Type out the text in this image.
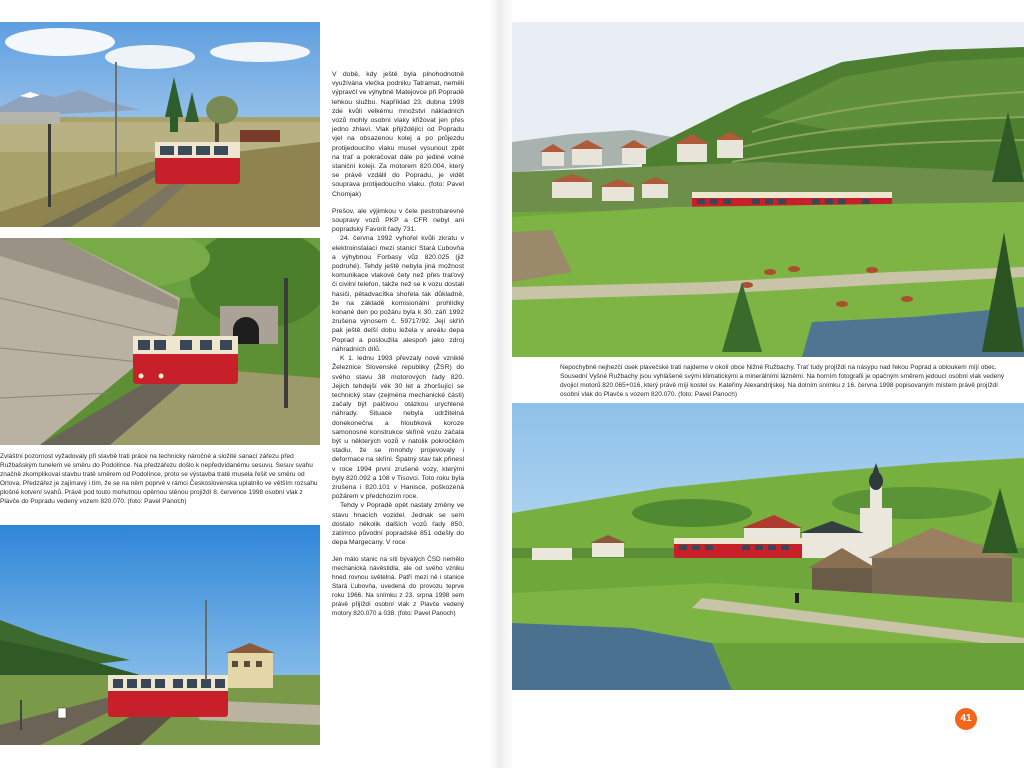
Zvláštní pozornost vyžadovaly při stavbě trati práce na technicky náročné a složité sanací zářezu před Ružbašským tunelem ve směru do Podolínce. Na předzářezu došlo k nepředvídanému sesuvu. Sesuv svahu značně zkomplikoval stavbu tratě směrem od Podolínce, proto se výstavba tratě musela řešit ve směru od Orlova. Předzářez je zajímavý i tím, že se na něm poprvé v rámci Československa uplatnilo ve větším rozsahu plošné kotvení svahů. Právě pod touto mohutnou opěrnou stěnou projíždí 8. července 1998 osobní vlak z Plavče do Popradu vedený vozem 820.070. (foto: Pavel Panoch)

V době, kdy ještě byla plnohodnotně využívána vlečka podniku Tatramat, neměli výpravčí ve výhybně Matejovce při Popradě lehkou službu. Například 23. dubna 1998 zde kvůli velkému množství nákladních vozů mohly osobní vlaky křižovat jen přes jedno zhlaví. Vlak přijíždějící od Popradu vjel na obsazenou kolej a po průjezdu protijedoucího vlaku musel vysunout zpět na trať a pokračovat dále po jediné volné staniční koleji. Za motorem 820.004, který se právě vzdálil do Popradu, je vidět souprava protijedoucího vlaku. (foto: Pavel Chomjak)

Prešov, ale výjimkou v čele pestrobarevné soupravy vozů PKP a CFR nebyl ani popradský Favorit řady 731.

24. června 1992 vyhořel kvůli zkratu v elektroinstalaci mezi stanicí Stará Ľubovňa a výhybnou Forbasy vůz 820.025 (již podruhé). Tehdy ještě nebyla jiná možnost komunikace vlakové čety než přes traťový či civilní telefon, takže než se k vozu dostali hasiči, pětadvacítka shořela tak důkladně, že na základě komisionální prohlídky konané den po požáru byla k 30. září 1992 zrušena výnosem č. 59717/92. Její skříň pak ještě delší dobu ležela v areálu depa Poprad a posloužila alespoň jako zdroj náhradních dílů.

K 1. lednu 1993 převzaly nově vzniklé Železnice Slovenské republiky (ŽSR) do svého stavu 38 motorových řady 820. Jejich tehdejší věk 30 let a zhoršující se technický stav (zejména mechanické části) začaly být palčivou otázkou urychlené náhrady. Situace nebyla udržitelná donekonečna a hloubková koroze samonosné konstrukce skříně vozu začala být u některých vozů v natolik pokročilém stadiu, že se mnohdy projevovaly i deformace na skříni. Špatný stav tak přinesl v roce 1994 první zrušené vozy, kterými byly 820.092 a 108 v Tisovci. Toto roku byla zrušena i 820.101 v Hanisce, poškozená požárem v předchozím roce.

Tehdy v Popradě opět nastaly změny ve stavu hnacích vozidel. Jednak se sem dostalo několik dalších vozů řady 850, zatímco původní popradské 851 odešly do depa Margecany. V roce

Jen málo stanic na síti bývalých ČSD nemělo mechanická návěstidla, ale od svého vzniku hned rovnou světelná. Patří mezi ně i stanice Stará Ľubovňa, uvedená do provozu teprve roku 1966. Na snímku z 23. srpna 1998 sem právě přijíždí osobní vlak z Plavče vedený motory 820.070 a 038. (foto: Pavel Panoch)

Nepochybně nejhezčí úsek plavečské trati najdeme v okolí obce Nižné Ružbachy. Trať tudy projíždí na násypu nad řekou Poprad a obloukem míjí obec. Sousední Vyšné Ružbachy jsou vyhlášené svými klimatickými a minerálními lázněmi. Na horním fotografii je opačným směrem jedoucí osobní vlak vedený dvojicí motorů 820.065+016, který právě míjí kostel sv. Kateřiny Alexandrijskej. Na dolním snímku z 16. června 1998 popisovaným místem právě projíždí osobní vlak do Plavče s vozem 820.070. (foto: Pavel Panoch)

41
